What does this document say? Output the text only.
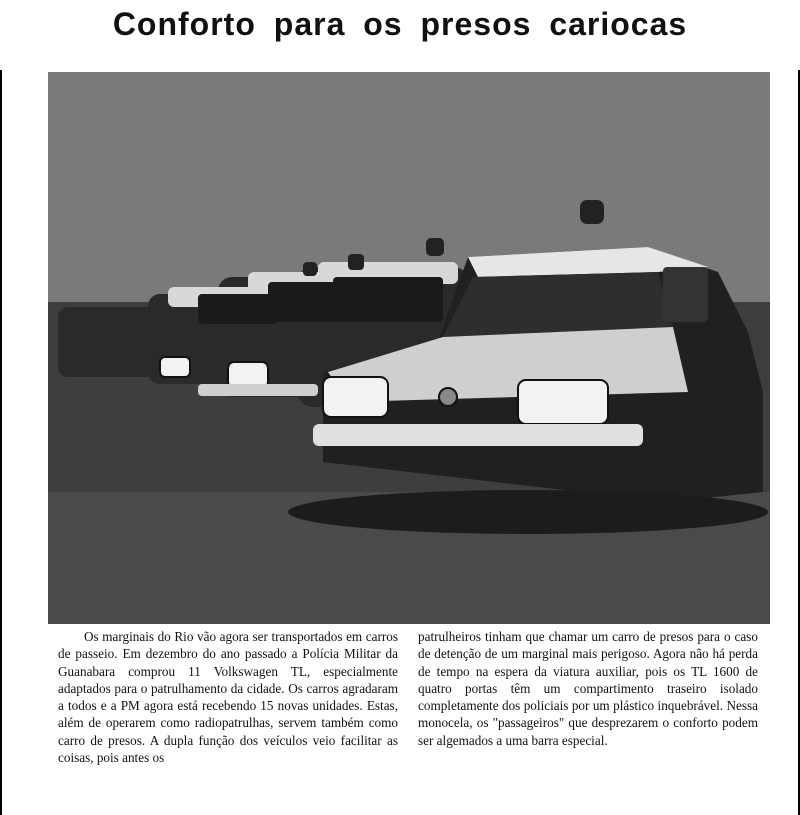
Conforto para os presos cariocas

Os marginais do Rio vão agora ser transportados em carros de passeio. Em dezembro do ano passado a Polícia Militar da Guanabara comprou 11 Volkswagen TL, especialmente adaptados para o patrulhamento da cidade. Os carros agradaram a todos e a PM agora está recebendo 15 novas unidades. Estas, além de operarem como radiopatrulhas, servem também como carro de presos. A dupla função dos veículos veio facilitar as coisas, pois antes os

patrulheiros tinham que chamar um carro de presos para o caso de detenção de um marginal mais perigoso. Agora não há perda de tempo na espera da viatura auxiliar, pois os TL 1600 de quatro portas têm um compartimento traseiro isolado completamente dos policiais por um plástico inquebrável. Nessa monocela, os "passageiros" que desprezarem o conforto podem ser algemados a uma barra especial.
